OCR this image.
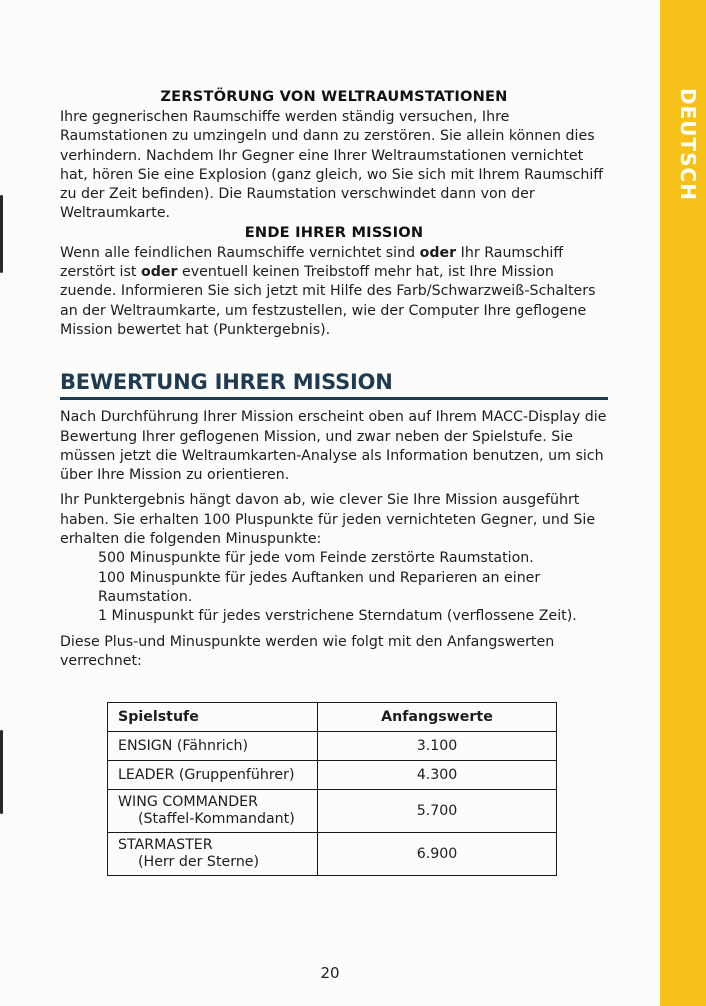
DEUTSCH
ZERSTÖRUNG VON WELTRAUMSTATIONEN

Ihre gegnerischen Raumschiffe werden ständig versuchen, Ihre Raumstationen zu umzingeln und dann zu zerstören. Sie allein können dies verhindern. Nachdem Ihr Gegner eine Ihrer Weltraumstationen vernichtet hat, hören Sie eine Explosion (ganz gleich, wo Sie sich mit Ihrem Raumschiff zu der Zeit befinden). Die Raumstation verschwindet dann von der Weltraumkarte.

ENDE IHRER MISSION

Wenn alle feindlichen Raumschiffe vernichtet sind oder Ihr Raumschiff zerstört ist oder eventuell keinen Treibstoff mehr hat, ist Ihre Mission zuende. Informieren Sie sich jetzt mit Hilfe des Farb/Schwarzweiß-Schalters an der Weltraumkarte, um festzustellen, wie der Computer Ihre geflogene Mission bewertet hat (Punktergebnis).

BEWERTUNG IHRER MISSION

Nach Durchführung Ihrer Mission erscheint oben auf Ihrem MACC-Display die Bewertung Ihrer geflogenen Mission, und zwar neben der Spielstufe. Sie müssen jetzt die Weltraumkarten-Analyse als Information benutzen, um sich über Ihre Mission zu orientieren.

Ihr Punktergebnis hängt davon ab, wie clever Sie Ihre Mission ausgeführt haben. Sie erhalten 100 Pluspunkte für jeden vernichteten Gegner, und Sie erhalten die folgenden Minuspunkte:

500 Minuspunkte für jede vom Feinde zerstörte Raumstation.

100 Minuspunkte für jedes Auftanken und Reparieren an einer Raumstation.

1 Minuspunkt für jedes verstrichene Sterndatum (verflossene Zeit).

Diese Plus-und Minuspunkte werden wie folgt mit den Anfangswerten verrechnet:

Spielstufe	Anfangswerte
ENSIGN (Fähnrich)	3.100
LEADER (Gruppenführer)	4.300
WING COMMANDER
(Staffel-Kommandant)	5.700
STARMASTER
(Herr der Sterne)	6.900
20
